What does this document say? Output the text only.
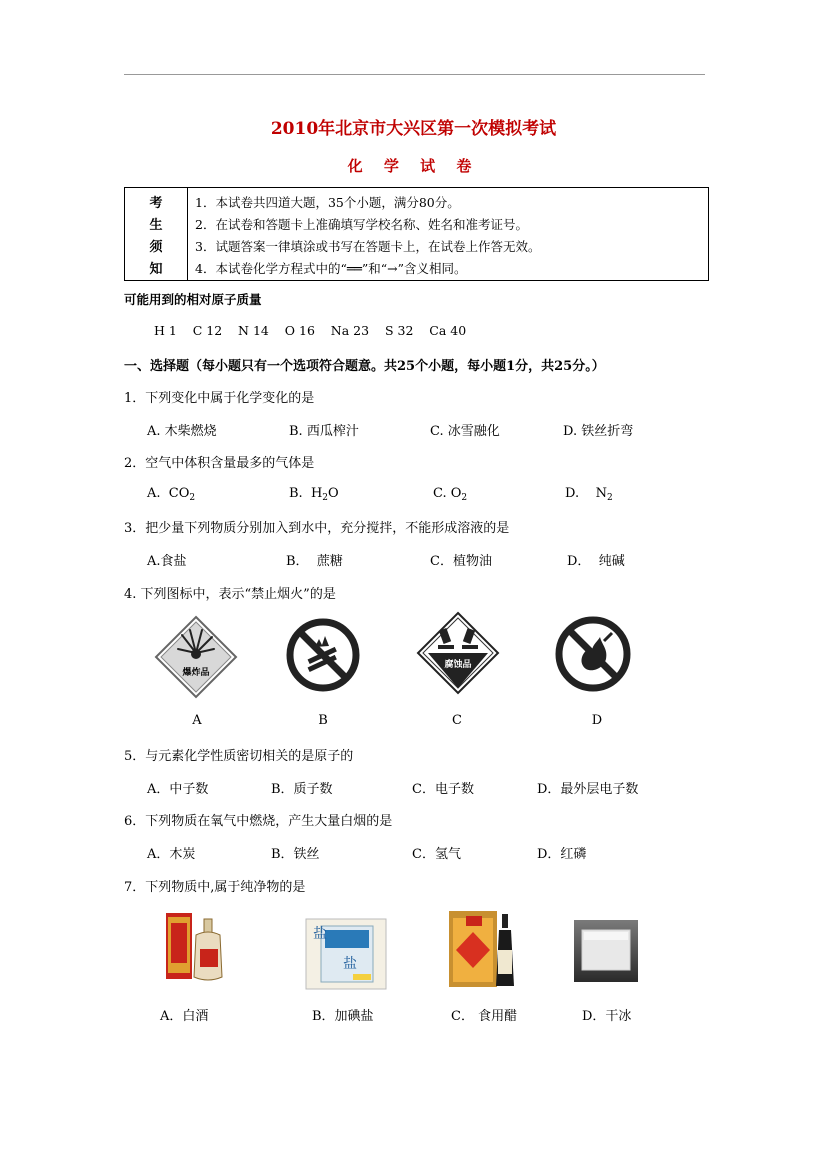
2010年北京市大兴区第一次模拟考试
化 学 试 卷
考
生
须
知
1．本试卷共四道大题，35个小题，满分80分。
2．在试卷和答题卡上准确填写学校名称、姓名和准考证号。
3．试题答案一律填涂或书写在答题卡上，在试卷上作答无效。
4．本试卷化学方程式中的“══”和“→”含义相同。
可能用到的相对原子质量
H 1    C 12    N 14    O 16    Na 23    S 32    Ca 40
一、选择题（每小题只有一个选项符合题意。共25个小题，每小题1分，共25分。）
1．下列变化中属于化学变化的是
A. 木柴燃烧	B. 西瓜榨汁	C. 冰雪融化	D. 铁丝折弯
2．空气中体积含量最多的气体是
A.  $CO_2$	B.  $H_2O$	C. $O_2$	D.    $N_2$
3．把少量下列物质分别加入到水中，充分搅拌，不能形成溶液的是
A.食盐	B．  蔗糖	C．植物油	D．  纯碱
4. 下列图标中，表示“禁止烟火”的是
爆炸品
腐蚀品
A	B	C	D
5．与元素化学性质密切相关的是原子的
A．中子数	B．质子数	C．电子数	D．最外层电子数
6．下列物质在氧气中燃烧，产生大量白烟的是
A．木炭	B．铁丝	C．氢气	D．红磷
7．下列物质中,属于纯净物的是
盐
盐
A．白酒	B．加碘盐	C． 食用醋	D．干冰
